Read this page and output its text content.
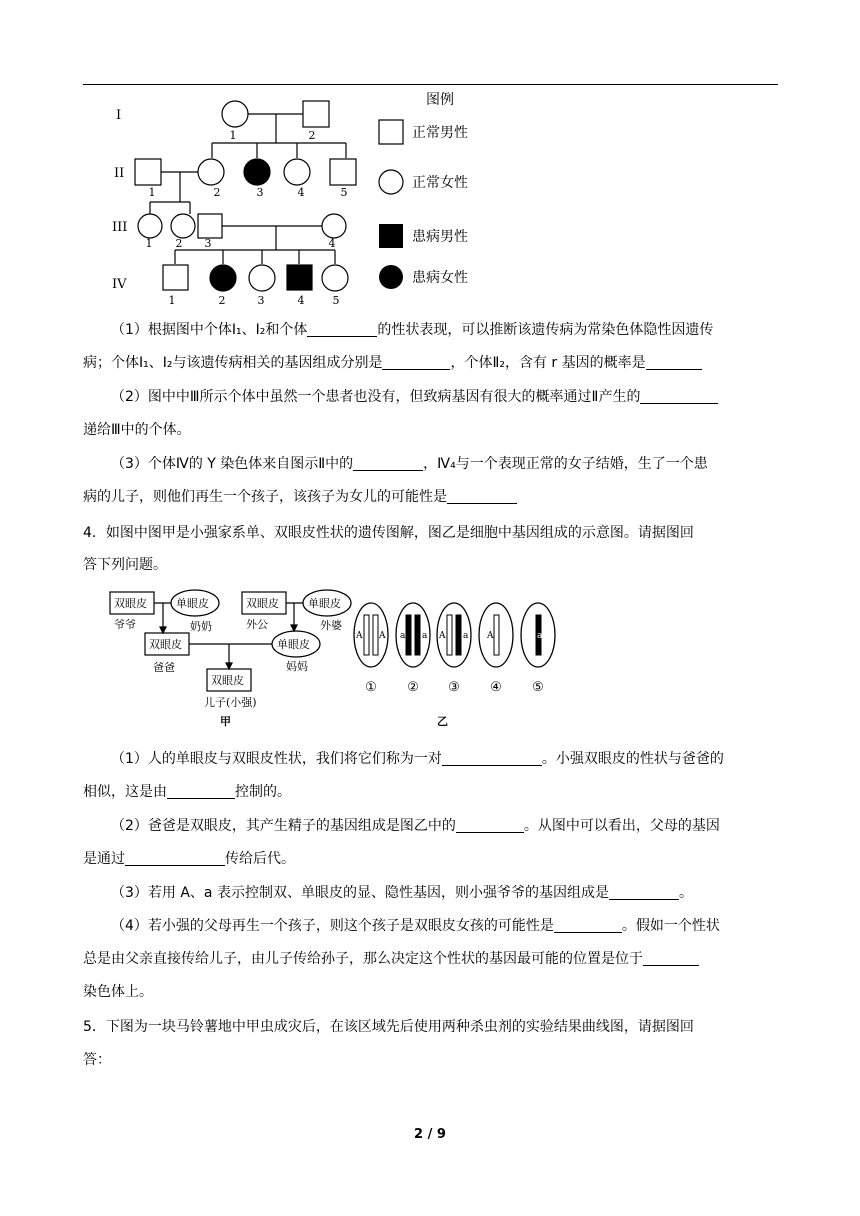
I
II
III
IV
1	2
1	2	3	4	5
1 2 3	4
1	2	3	4	5
图例
正常男性
正常女性
患病男性
患病女性
（1）根据图中个体Ⅰ₁、Ⅰ₂和个体	的性状表现，可以推断该遗传病为常染色体隐性因遗传
病；个体Ⅰ₁、Ⅰ₂与该遗传病相关的基因组成分别是	，个体Ⅱ₂，含有 r 基因的概率是
（2）图中中Ⅲ所示个体中虽然一个患者也没有，但致病基因有很大的概率通过Ⅱ产生的
递给Ⅲ中的个体。
（3）个体Ⅳ的 Y 染色体来自图示Ⅱ中的	，Ⅳ₄与一个表现正常的女子结婚，生了一个患
病的儿子，则他们再生一个孩子，该孩子为女儿的可能性是
4．如图中图甲是小强家系单、双眼皮性状的遗传图解，图乙是细胞中基因组成的示意图。请据图回
答下列问题。
双眼皮
爷爷
单眼皮
奶奶
双眼皮
外公
单眼皮
外婆
双眼皮
爸爸
单眼皮
妈妈
双眼皮
儿子(小强)
甲	乙
A A a a A a A	a
① ② ③ ④ ⑤
（1）人的单眼皮与双眼皮性状，我们将它们称为一对	。小强双眼皮的性状与爸爸的
相似，这是由	控制的。
（2）爸爸是双眼皮，其产生精子的基因组成是图乙中的	。从图中可以看出，父母的基因
是通过	传给后代。
（3）若用 A、a 表示控制双、单眼皮的显、隐性基因，则小强爷爷的基因组成是	。
（4）若小强的父母再生一个孩子，则这个孩子是双眼皮女孩的可能性是	。假如一个性状
总是由父亲直接传给儿子，由儿子传给孙子，那么决定这个性状的基因最可能的位置是位于
染色体上。
5．下图为一块马铃薯地中甲虫成灾后，在该区域先后使用两种杀虫剂的实验结果曲线图，请据图回
答：
2 / 9
